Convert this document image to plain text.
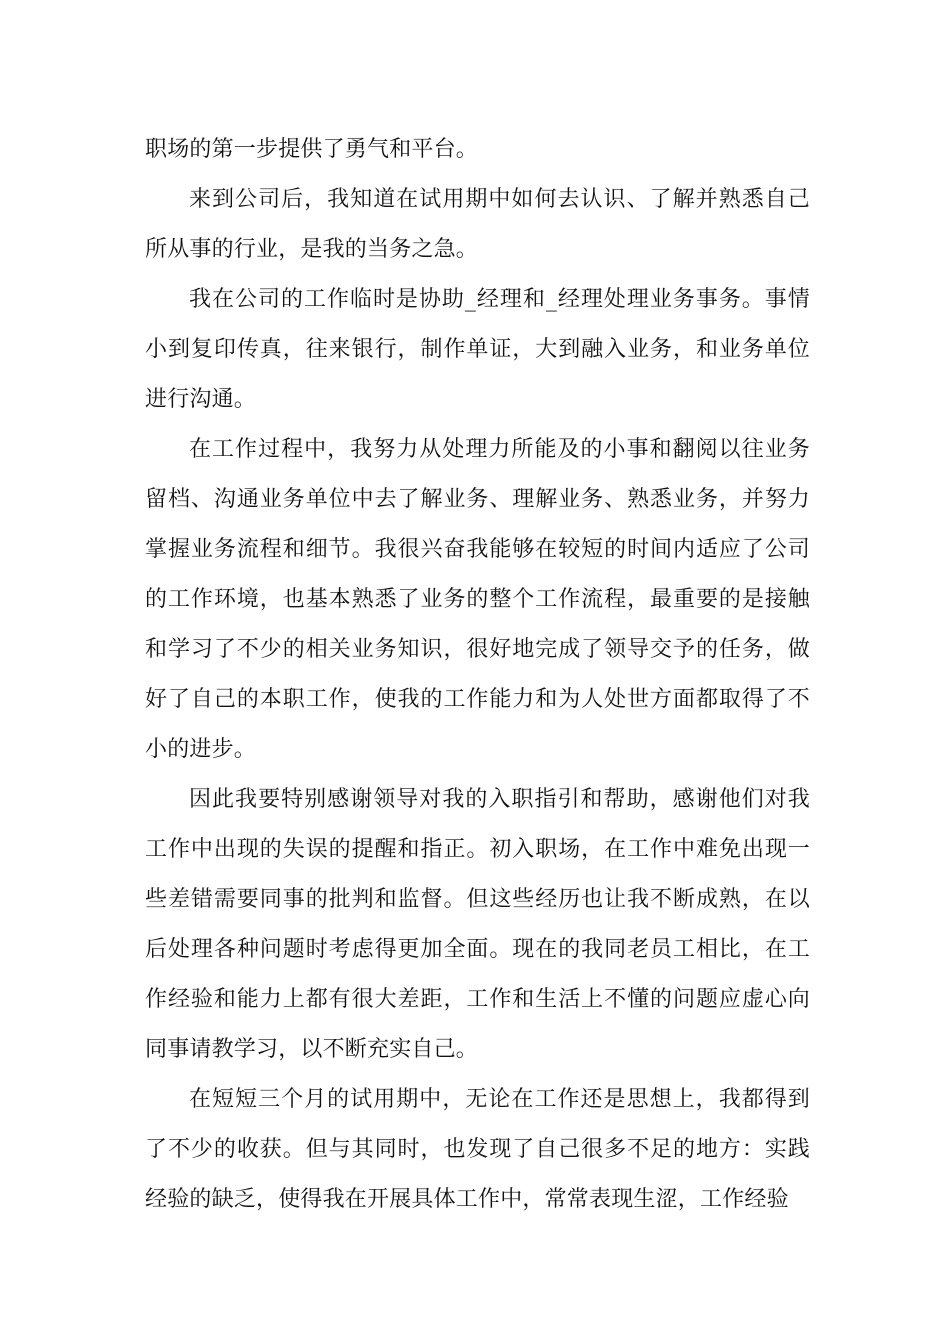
职场的第一步提供了勇气和平台。

来到公司后，我知道在试用期中如何去认识、了解并熟悉自己所从事的行业，是我的当务之急。

我在公司的工作临时是协助_经理和_经理处理业务事务。事情小到复印传真，往来银行，制作单证，大到融入业务，和业务单位进行沟通。

在工作过程中，我努力从处理力所能及的小事和翻阅以往业务留档、沟通业务单位中去了解业务、理解业务、熟悉业务，并努力掌握业务流程和细节。我很兴奋我能够在较短的时间内适应了公司的工作环境，也基本熟悉了业务的整个工作流程，最重要的是接触和学习了不少的相关业务知识，很好地完成了领导交予的任务，做好了自己的本职工作，使我的工作能力和为人处世方面都取得了不小的进步。

因此我要特别感谢领导对我的入职指引和帮助，感谢他们对我工作中出现的失误的提醒和指正。初入职场，在工作中难免出现一些差错需要同事的批判和监督。但这些经历也让我不断成熟，在以后处理各种问题时考虑得更加全面。现在的我同老员工相比，在工作经验和能力上都有很大差距，工作和生活上不懂的问题应虚心向同事请教学习，以不断充实自己。

在短短三个月的试用期中，无论在工作还是思想上，我都得到了不少的收获。但与其同时，也发现了自己很多不足的地方：实践经验的缺乏，使得我在开展具体工作中，常常表现生涩，工作经验
